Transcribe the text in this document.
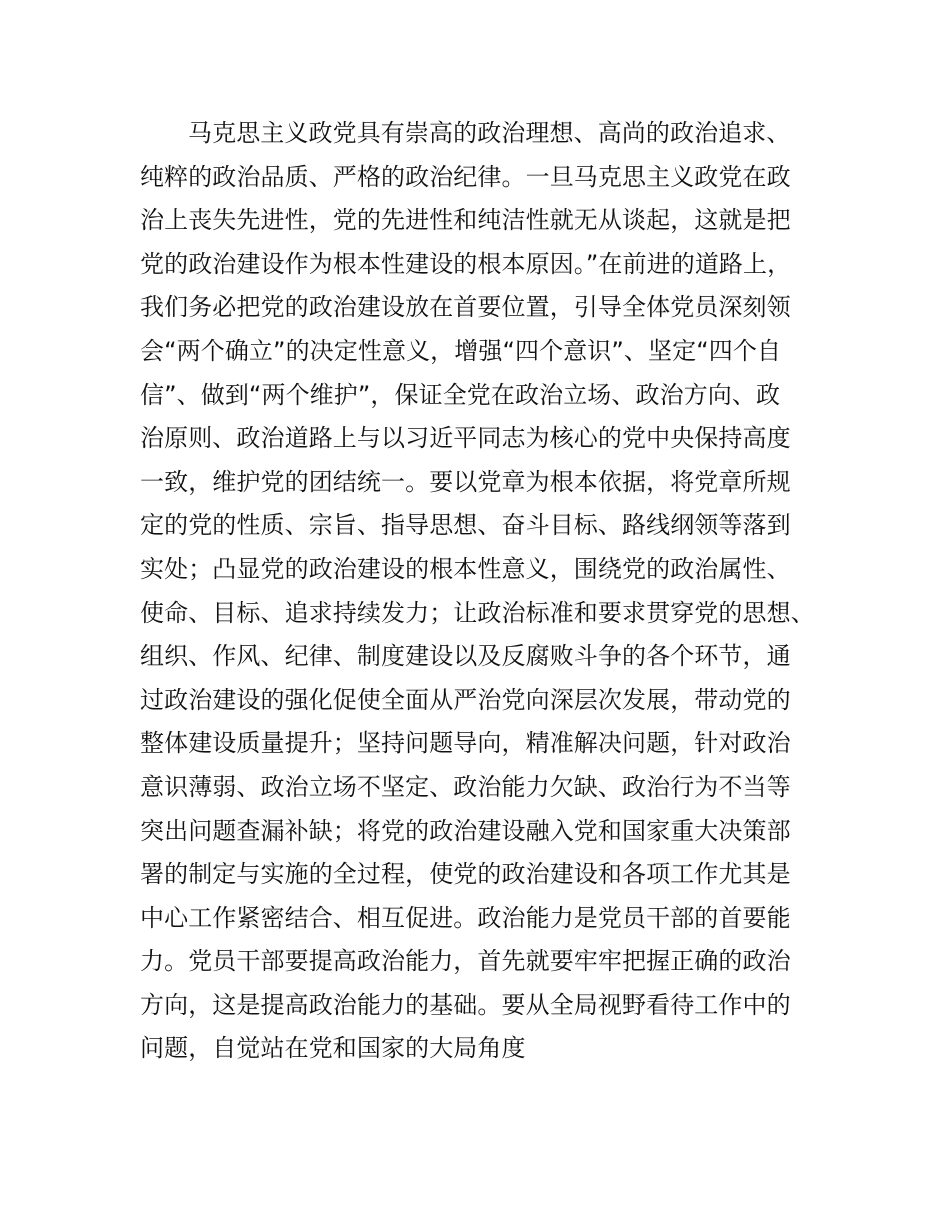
马克思主义政党具有崇高的政治理想、高尚的政治追求、
纯粹的政治品质、严格的政治纪律。一旦马克思主义政党在政
治上丧失先进性，党的先进性和纯洁性就无从谈起，这就是把
党的政治建设作为根本性建设的根本原因。”在前进的道路上，
我们务必把党的政治建设放在首要位置，引导全体党员深刻领
会“两个确立”的决定性意义，增强“四个意识”、坚定“四个自
信”、做到“两个维护”，保证全党在政治立场、政治方向、政
治原则、政治道路上与以习近平同志为核心的党中央保持高度
一致，维护党的团结统一。要以党章为根本依据，将党章所规
定的党的性质、宗旨、指导思想、奋斗目标、路线纲领等落到
实处；凸显党的政治建设的根本性意义，围绕党的政治属性、
使命、目标、追求持续发力；让政治标准和要求贯穿党的思想、
组织、作风、纪律、制度建设以及反腐败斗争的各个环节，通
过政治建设的强化促使全面从严治党向深层次发展，带动党的
整体建设质量提升；坚持问题导向，精准解决问题，针对政治
意识薄弱、政治立场不坚定、政治能力欠缺、政治行为不当等
突出问题查漏补缺；将党的政治建设融入党和国家重大决策部
署的制定与实施的全过程，使党的政治建设和各项工作尤其是
中心工作紧密结合、相互促进。政治能力是党员干部的首要能
力。党员干部要提高政治能力，首先就要牢牢把握正确的政治
方向，这是提高政治能力的基础。要从全局视野看待工作中的
问题，自觉站在党和国家的大局角度
